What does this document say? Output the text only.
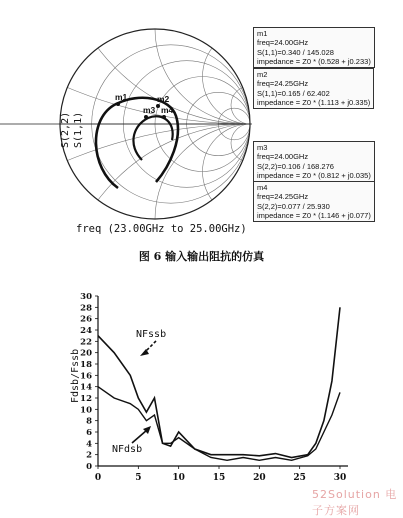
m1	m2
m3 m4
0
2
4
6
8
10
12
14
16
18
20
22
24
26
28
30
0	5	10	15	20	25	30
Fdsb/Fssb
NFssb
NFdsb
S(2,2) S(1,1)
freq (23.00GHz to 25.00GHz)
m1
freq=24.00GHz
S(1,1)=0.340 / 145.028
impedance = Z0 * (0.528 + j0.233)
m2
freq=24.25GHz
S(1,1)=0.165 / 62.402
impedance = Z0 * (1.113 + j0.335)
m3
freq=24.00GHz
S(2,2)=0.106 / 168.276
impedance = Z0 * (0.812 + j0.035)
m4
freq=24.25GHz
S(2,2)=0.077 / 25.930
impedance = Z0 * (1.146 + j0.077)
图 6 输入输出阻抗的仿真
52Solution 电子方案网
